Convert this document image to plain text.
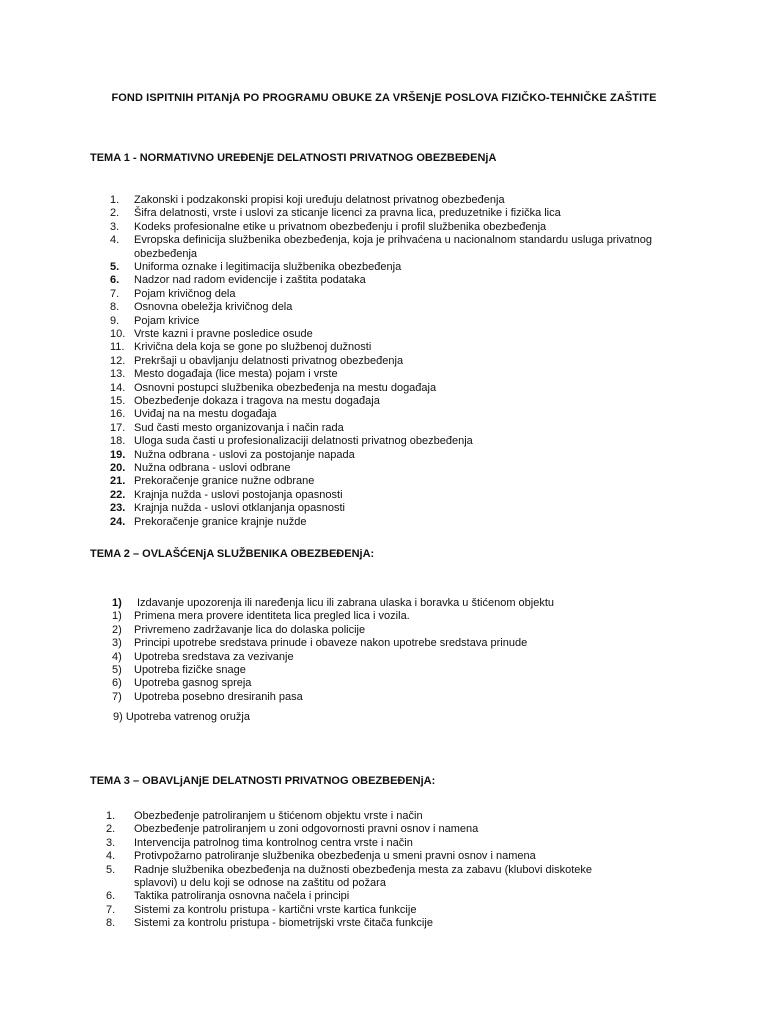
FOND ISPITNIH PITANjA PO PROGRAMU OBUKE ZA VRŠENjE POSLOVA FIZIČKO-TEHNIČKE ZAŠTITE
TEMA 1 - NORMATIVNO UREĐENjE DELATNOSTI PRIVATNOG OBEZBEĐENjA
1. Zakonski i podzakonski propisi koji uređuju delatnost privatnog obezbeđenja
2. Šifra delatnosti, vrste i uslovi za sticanje licenci za pravna lica, preduzetnike i fizička lica
3. Kodeks profesionalne etike u privatnom obezbeđenju i profil službenika obezbeđenja
4. Evropska definicija službenika obezbeđenja, koja je prihvaćena u nacionalnom standardu usluga privatnog
obezbeđenja
5. Uniforma oznake i legitimacija službenika obezbeđenja
6. Nadzor nad radom evidencije i zaštita podataka
7. Pojam krivičnog dela
8. Osnovna obeležja krivičnog dela
9. Pojam krivice
10. Vrste kazni i pravne posledice osude
11. Krivična dela koja se gone po službenoj dužnosti
12. Prekršaji u obavljanju delatnosti privatnog obezbeđenja
13. Mesto događaja (lice mesta) pojam i vrste
14. Osnovni postupci službenika obezbeđenja na mestu događaja
15. Obezbeđenje dokaza i tragova na mestu događaja
16. Uviđaj na na mestu događaja
17. Sud časti mesto organizovanja i način rada
18. Uloga suda časti u profesionalizaciji delatnosti privatnog obezbeđenja
19. Nužna odbrana - uslovi za postojanje napada
20. Nužna odbrana - uslovi odbrane
21. Prekoračenje granice nužne odbrane
22. Krajnja nužda - uslovi postojanja opasnosti
23. Krajnja nužda - uslovi otklanjanja opasnosti
24. Prekoračenje granice krajnje nužde
TEMA 2 – OVLAŠĆENjA SLUŽBENIKA OBEZBEĐENjA:
1) Izdavanje upozorenja ili naređenja licu ili zabrana ulaska i boravka u štićenom objektu
1) Primena mera provere identiteta lica pregled lica i vozila.
2) Privremeno zadržavanje lica do dolaska policije
3) Principi upotrebe sredstava prinude i obaveze nakon upotrebe sredstava prinude
4) Upotreba sredstava za vezivanje
5) Upotreba fizičke snage
6) Upotreba gasnog spreja
7) Upotreba posebno dresiranih pasa
9) Upotreba vatrenog oružja
TEMA 3 – OBAVLjANjE DELATNOSTI PRIVATNOG OBEZBEĐENjA:
1. Obezbeđenje patroliranjem u štićenom objektu vrste i način
2. Obezbeđenje patroliranjem u zoni odgovornosti pravni osnov i namena
3. Intervencija patrolnog tima kontrolnog centra vrste i način
4. Protivpožarno patroliranje službenika obezbeđenja u smeni pravni osnov i namena
5. Radnje službenika obezbeđenja na dužnosti obezbeđenja mesta za zabavu (klubovi diskoteke
splavovi) u delu koji se odnose na zaštitu od požara
6. Taktika patroliranja osnovna načela i principi
7. Sistemi za kontrolu pristupa - kartični vrste kartica funkcije
8. Sistemi za kontrolu pristupa - biometrijski vrste čitača funkcije
